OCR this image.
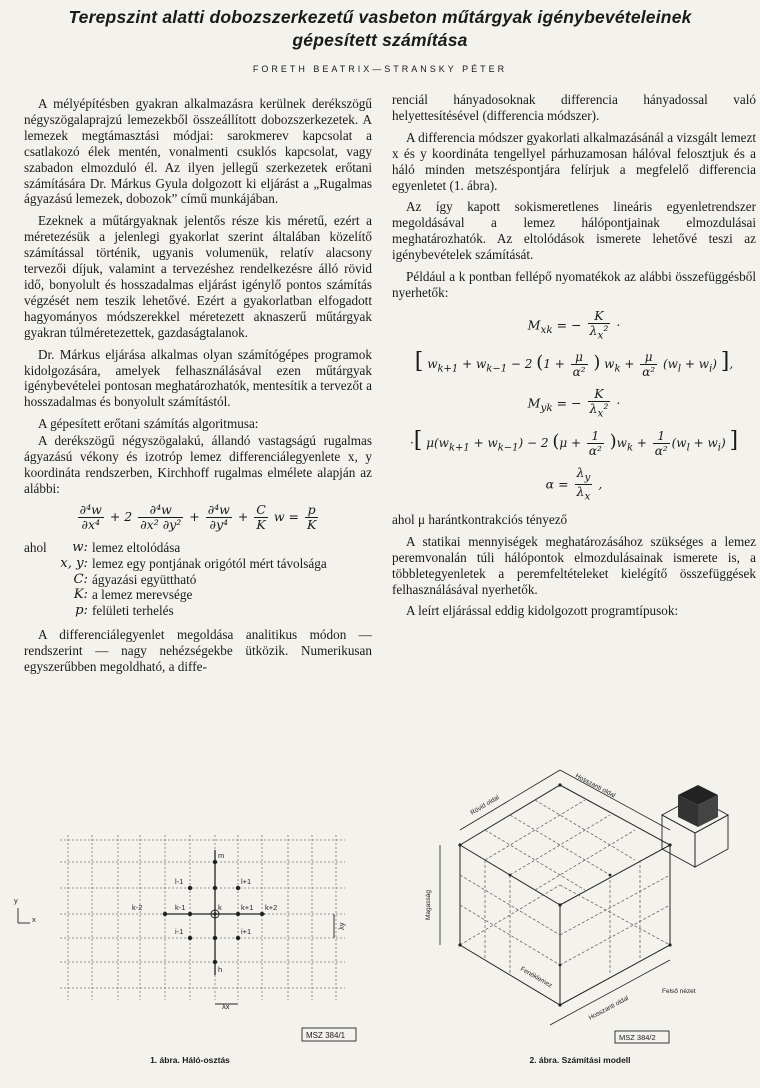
Terepszint alatti dobozszerkezetű vasbeton műtárgyak igénybevételeinek
gépesített számítása
FORETH BEATRIX—STRANSKY PÉTER

A mélyépítésben gyakran alkalmazásra kerülnek derékszögű négyszögalaprajzú lemezekből összeállított dobozszerkezetek. A lemezek megtámasztási módjai: sarokmerev kapcsolat a csatlakozó élek mentén, vonalmenti csuklós kapcsolat, vagy szabadon elmozduló él. Az ilyen jellegű szerkezetek erőtani számítására Dr. Márkus Gyula dolgozott ki eljárást a „Rugalmas ágyazású lemezek, dobozok” című munkájában.

Ezeknek a műtárgyaknak jelentős része kis méretű, ezért a méretezésük a jelenlegi gyakorlat szerint általában közelítő számítással történik, ugyanis volumenük, relatív alacsony tervezői díjuk, valamint a tervezéshez rendelkezésre álló rövid idő, bonyolult és hosszadalmas eljárást igénylő pontos számítás végzését nem teszik lehetővé. Ezért a gyakorlatban elfogadott hagyományos módszerekkel méretezett aknaszerű műtárgyak gyakran túlméretezettek, gazdaságtalanok.

Dr. Márkus eljárása alkalmas olyan számítógépes programok kidolgozására, amelyek felhasználásával ezen műtárgyak igénybevételei pontosan meghatározhatók, mentesítik a tervezőt a hosszadalmas és bonyolult számítástól.

A gépesített erőtani számítás algoritmusa:

A derékszögű négyszögalakú, állandó vastagságú rugalmas ágyazású vékony és izotróp lemez differenciálegyenlete x, y koordináta rendszerben, Kirchhoff rugalmas elmélete alapján az alábbi:

$\frac{\text{∂⁴w}}{\text{∂x⁴}} + 2 \frac{\text{∂⁴w}}{\text{∂x² ∂y²}} + \frac{\text{∂⁴w}}{\text{∂y⁴}} + \frac{C}{K}$ $w = \frac{p}{K}$
ahol	w: lemez eltolódása
x, y: lemez egy pontjának origótól mért távolsága
C: ágyazási együttható
K: a lemez merevsége
p: felületi terhelés

A differenciálegyenlet megoldása analitikus módon — rendszerint — nagy nehézségekbe ütközik. Numerikusan egyszerűbben megoldható, a diffe-

renciál hányadosoknak differencia hányadossal való helyettesítésével (differencia módszer).

A differencia módszer gyakorlati alkalmazásánál a vizsgált lemezt x és y koordináta tengellyel párhuzamosan hálóval felosztjuk és a háló minden metszéspontjára felírjuk a megfelelő differencia egyenletet (1. ábra).

Az így kapott sokismeretlenes lineáris egyenletrendszer megoldásával a lemez hálópontjainak elmozdulásai meghatározhatók. Az eltolódások ismerete lehetővé teszi az igénybevételek számítását.

Például a k pontban fellépő nyomatékok az alábbi összefüggésből nyerhetők:

$M_{xk}$ = − $\frac{K}{\lambda_x^2}$ ·
[ $w_{k+1} + w_{k-1} - 2$ ($1 + \frac{\mu}{\text{α²}}$ ) $w_k + \frac{\mu}{\text{α²}} (w_l + w_i)$ ],
$M_{yk}$ = − $\frac{K}{\lambda_x^2}$ ·
·[ $\mu(w_{k+1} + w_{k-1}) - 2$ $(\mu + \frac{1}{\text{α²}} )w_k + \frac{1}{\text{α²}} (w_l + w_i)$ ]
$\alpha = \frac{\lambda_y}{\lambda_x}$ ,

ahol μ harántkontrakciós tényező

A statikai mennyiségek meghatározásához szükséges a lemez peremvonalán túli hálópontok elmozdulásainak ismerete is, a többletegyenletek a peremfeltételeket kielégítő összefüggések felhasználásával nyerhetők.

A leírt eljárással eddig kidolgozott programtípusok:

m
l-1	l+1
k-2	k-1	k	k+1 k+2
i-1	i+1
h
λy
λx
x
y
MSZ 384/1
1. ábra. Háló-osztás
Rövid oldal
Hosszanti oldal
Hosszanti oldal
Magasság
Fenéklemez
Felső nézet
MSZ 384/2
2. ábra. Számítási modell
